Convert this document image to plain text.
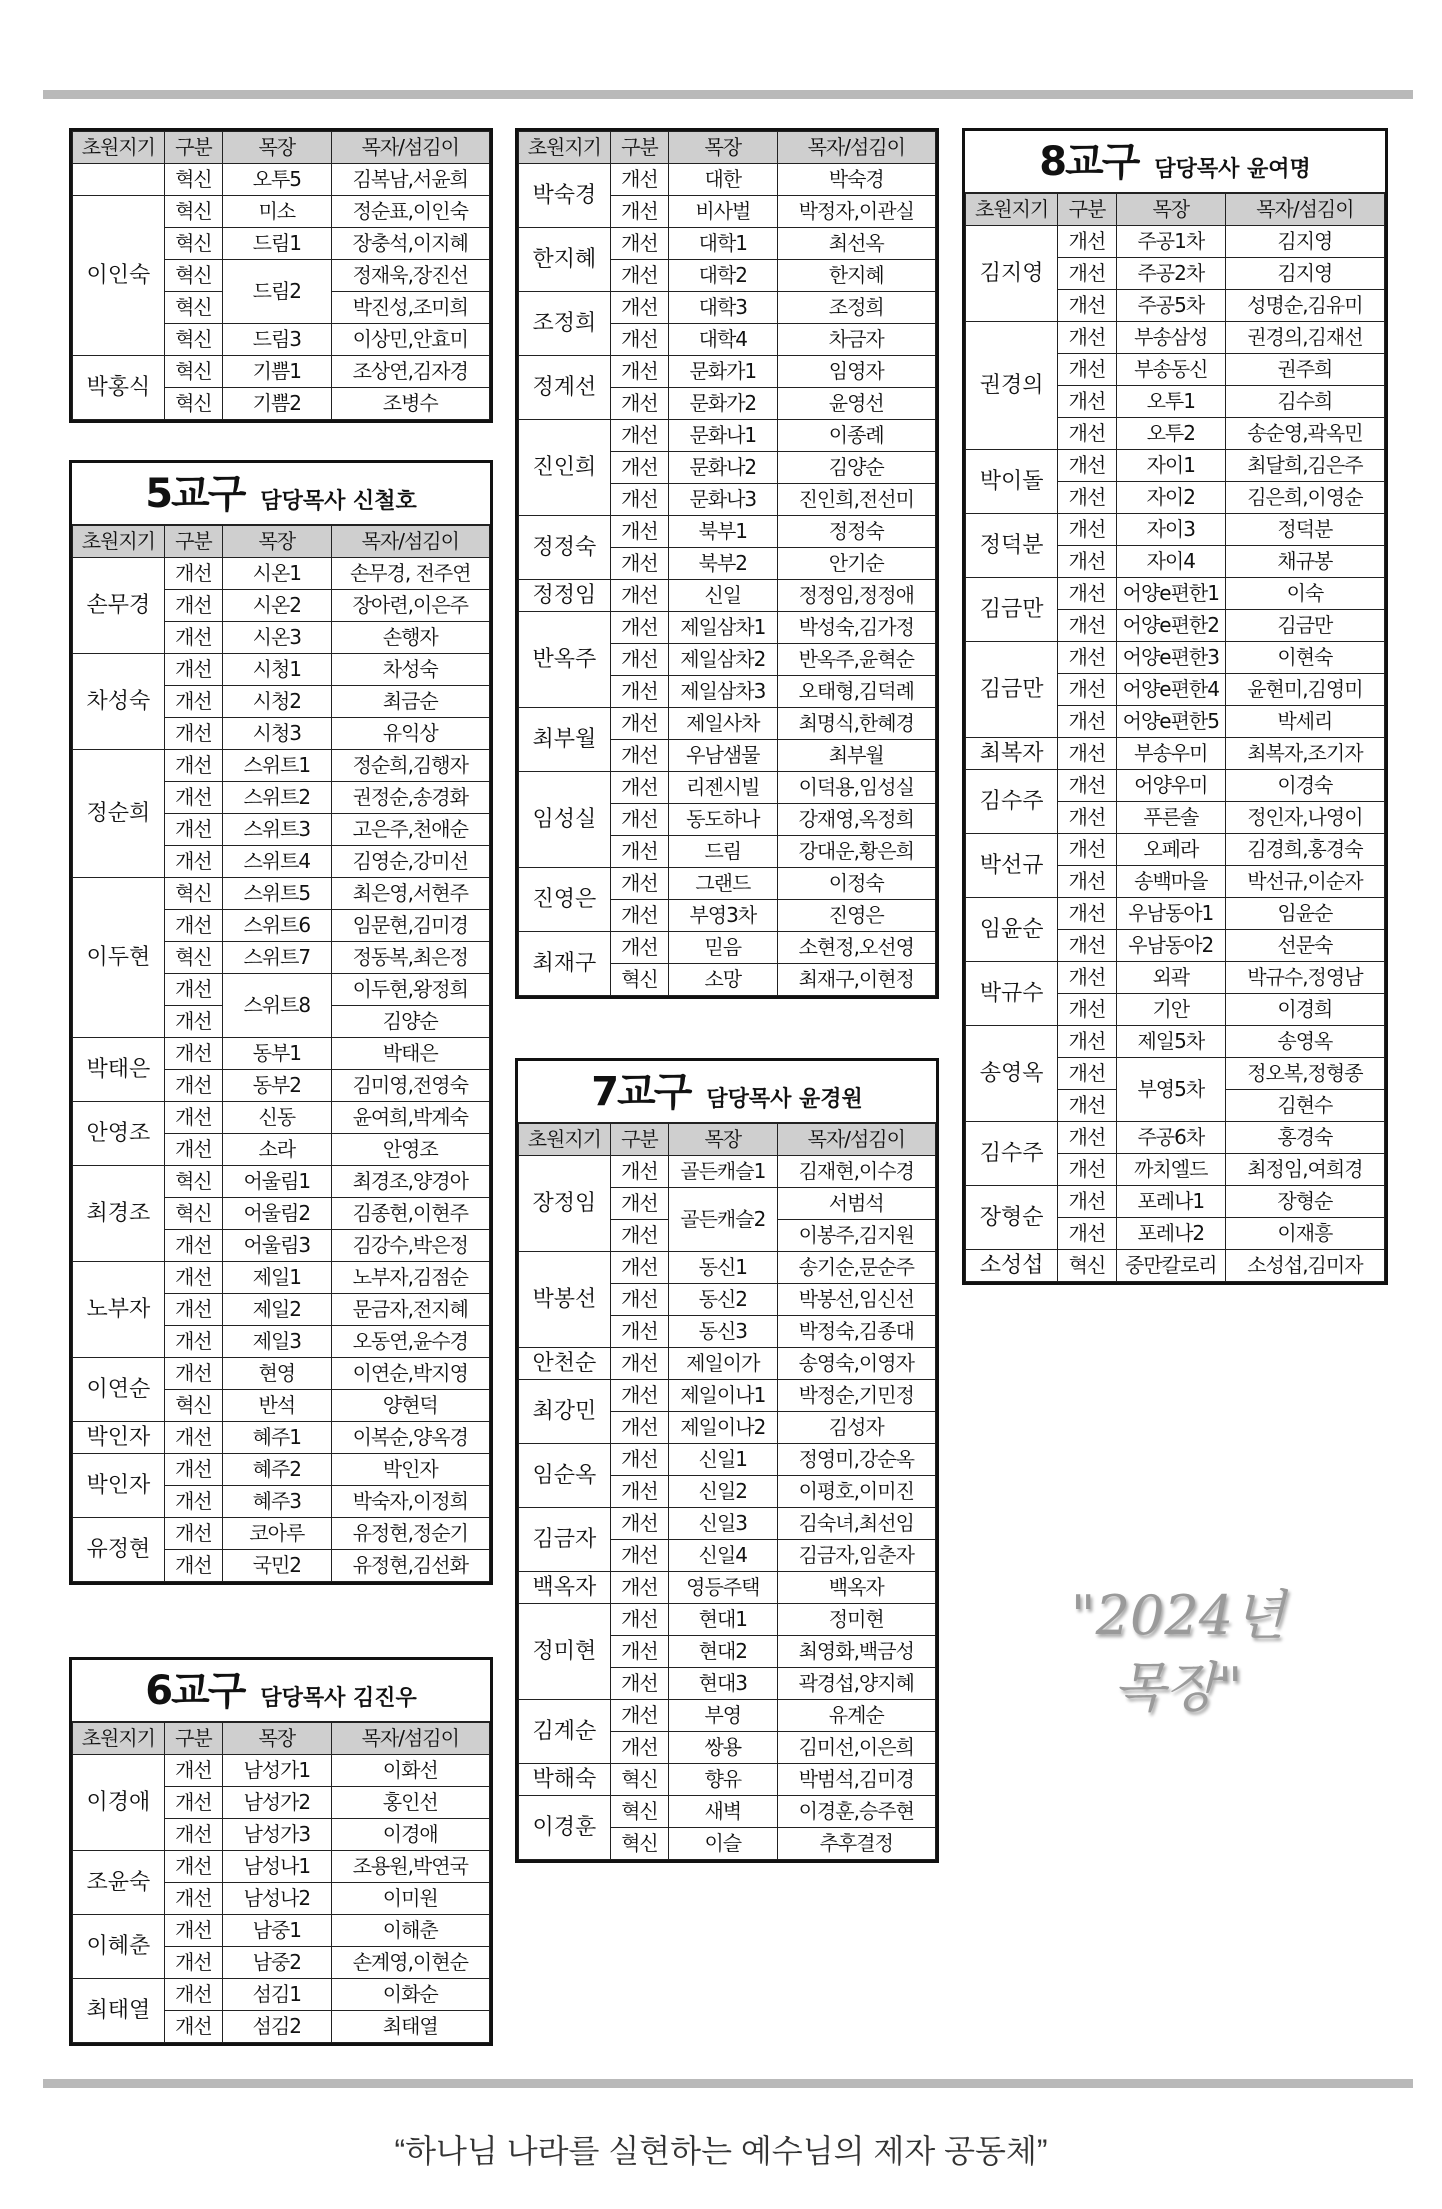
초원지기	구분	목장	목자/섬김이
	혁신	오투5	김복남,서윤희
이인숙	혁신	미소	정순표,이인숙
	혁신	드림1	장충석,이지혜
	혁신	드림2	정재욱,장진선
	혁신		박진성,조미희
	혁신	드림3	이상민,안효미
박홍식	혁신	기쁨1	조상연,김자경
	혁신	기쁨2	조병수
5교구 담당목사 신철호
초원지기	구분	목장	목자/섬김이
손무경	개선	시온1	손무경, 전주연
	개선	시온2	장아련,이은주
	개선	시온3	손행자
차성숙	개선	시청1	차성숙
	개선	시청2	최금순
	개선	시청3	유익상
정순희	개선	스위트1	정순희,김행자
	개선	스위트2	권정순,송경화
	개선	스위트3	고은주,천애순
	개선	스위트4	김영순,강미선
이두현	혁신	스위트5	최은영,서현주
	개선	스위트6	임문현,김미경
	혁신	스위트7	정동복,최은정
	개선	스위트8	이두현,왕정희
	개선		김양순
박태은	개선	동부1	박태은
	개선	동부2	김미영,전영숙
안영조	개선	신동	윤여희,박계숙
	개선	소라	안영조
최경조	혁신	어울림1	최경조,양경아
	혁신	어울림2	김종현,이현주
	개선	어울림3	김강수,박은정
노부자	개선	제일1	노부자,김점순
	개선	제일2	문금자,전지혜
	개선	제일3	오동연,윤수경
이연순	개선	현영	이연순,박지영
	혁신	반석	양현덕
박인자	개선	혜주1	이복순,양옥경
박인자	개선	혜주2	박인자
	개선	혜주3	박숙자,이정희
유정현	개선	코아루	유정현,정순기
	개선	국민2	유정현,김선화
6교구 담당목사 김진우
초원지기	구분	목장	목자/섬김이
이경애	개선	남성가1	이화선
	개선	남성가2	홍인선
	개선	남성가3	이경애
조윤숙	개선	남성나1	조용원,박연국
	개선	남성나2	이미원
이혜춘	개선	남중1	이해춘
	개선	남중2	손계영,이현순
최태열	개선	섬김1	이화순
	개선	섬김2	최태열
초원지기	구분	목장	목자/섬김이
박숙경	개선	대한	박숙경
	개선	비사벌	박정자,이관실
한지혜	개선	대학1	최선옥
	개선	대학2	한지혜
조정희	개선	대학3	조정희
	개선	대학4	차금자
정계선	개선	문화가1	임영자
	개선	문화가2	윤영선
진인희	개선	문화나1	이종례
	개선	문화나2	김양순
	개선	문화나3	진인희,전선미
정정숙	개선	북부1	정정숙
	개선	북부2	안기순
정정임	개선	신일	정정임,정정애
반옥주	개선	제일삼차1	박성숙,김가정
	개선	제일삼차2	반옥주,윤혁순
	개선	제일삼차3	오태형,김덕례
최부월	개선	제일사차	최명식,한혜경
	개선	우남샘물	최부월
임성실	개선	리젠시빌	이덕용,임성실
	개선	동도하나	강재영,옥정희
	개선	드림	강대운,황은희
진영은	개선	그랜드	이정숙
	개선	부영3차	진영은
최재구	개선	믿음	소현정,오선영
	혁신	소망	최재구,이현정
7교구 담당목사 윤경원
초원지기	구분	목장	목자/섬김이
장정임	개선	골든캐슬1	김재현,이수경
	개선	골든캐슬2	서범석
	개선		이봉주,김지원
박봉선	개선	동신1	송기순,문순주
	개선	동신2	박봉선,임신선
	개선	동신3	박정숙,김종대
안천순	개선	제일이가	송영숙,이영자
최강민	개선	제일이나1	박정순,기민정
	개선	제일이나2	김성자
임순옥	개선	신일1	정영미,강순옥
	개선	신일2	이평호,이미진
김금자	개선	신일3	김숙녀,최선임
	개선	신일4	김금자,임춘자
백옥자	개선	영등주택	백옥자
정미현	개선	현대1	정미현
	개선	현대2	최영화,백금성
	개선	현대3	곽경섭,양지혜
김계순	개선	부영	유계순
	개선	쌍용	김미선,이은희
박해숙	혁신	향유	박범석,김미경
이경훈	혁신	새벽	이경훈,승주현
	혁신	이슬	추후결정
8교구 담당목사 윤여명
초원지기	구분	목장	목자/섬김이
김지영	개선	주공1차	김지영
	개선	주공2차	김지영
	개선	주공5차	성명순,김유미
권경의	개선	부송삼성	권경의,김재선
	개선	부송동신	권주희
	개선	오투1	김수희
	개선	오투2	송순영,곽옥민
박이돌	개선	자이1	최달희,김은주
	개선	자이2	김은희,이영순
정덕분	개선	자이3	정덕분
	개선	자이4	채규봉
김금만	개선	어양e편한1	이숙
	개선	어양e편한2	김금만
김금만	개선	어양e편한3	이현숙
	개선	어양e편한4	윤현미,김영미
	개선	어양e편한5	박세리
최복자	개선	부송우미	최복자,조기자
김수주	개선	어양우미	이경숙
	개선	푸른솔	정인자,나영이
박선규	개선	오페라	김경희,홍경숙
	개선	송백마을	박선규,이순자
임윤순	개선	우남동아1	임윤순
	개선	우남동아2	선문숙
박규수	개선	외곽	박규수,정영남
	개선	기안	이경희
송영옥	개선	제일5차	송영옥
	개선	부영5차	정오복,정형종
	개선		김현수
김수주	개선	주공6차	홍경숙
	개선	까치엘드	최정임,여희경
장형순	개선	포레나1	장형순
	개선	포레나2	이재흥
소성섭	혁신	중만칼로리	소성섭,김미자
"2024년
목장"
“하나님 나라를 실현하는 예수님의 제자 공동체”
